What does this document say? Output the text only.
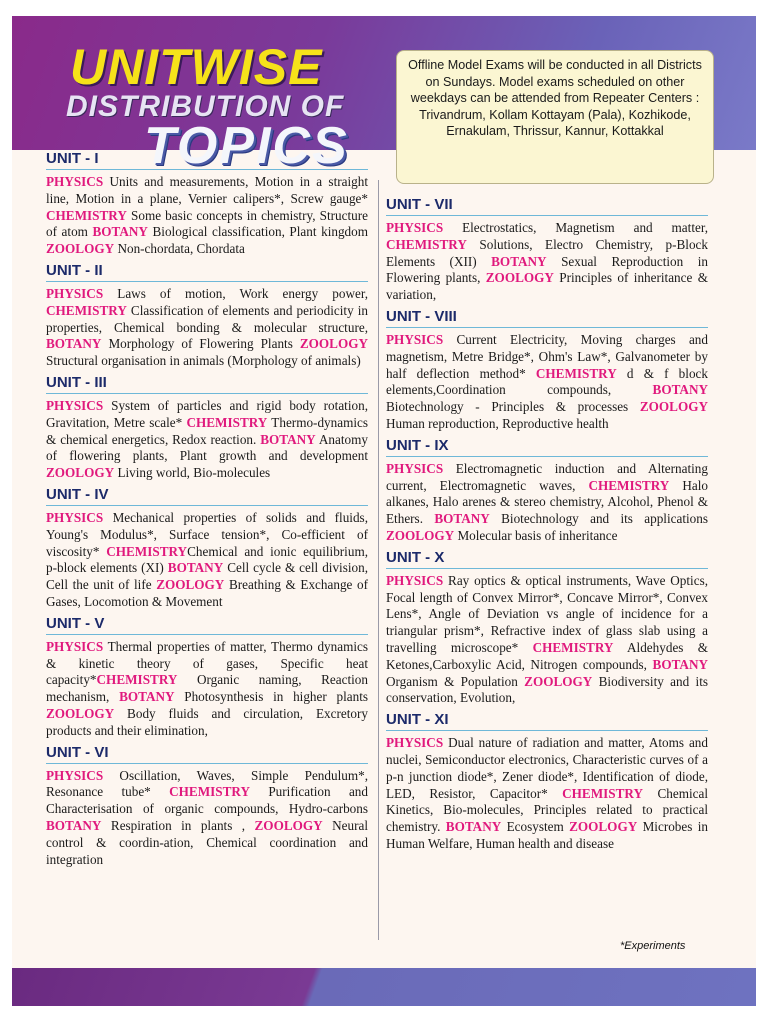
UNITWISE
DISTRIBUTION OF
TOPICS
Offline Model Exams will be conducted in all Districts on Sundays. Model exams scheduled on other weekdays can be attended from Repeater Centers : Trivandrum, Kollam Kottayam (Pala), Kozhikode, Ernakulam, Thrissur, Kannur, Kottakkal
UNIT - I
PHYSICS Units and measurements, Motion in a straight line, Motion in a plane, Vernier calipers*, Screw gauge* CHEMISTRY Some basic concepts in chemistry, Structure of atom BOTANY Biological classification, Plant kingdom ZOOLOGY Non-chordata, Chordata
UNIT - II
PHYSICS Laws of motion, Work energy power, CHEMISTRY Classification of elements and periodicity in properties, Chemical bonding & molecular structure, BOTANY Morphology of Flowering Plants ZOOLOGY Structural organisation in animals (Morphology of animals)
UNIT - III
PHYSICS System of particles and rigid body rotation, Gravitation, Metre scale* CHEMISTRY Thermo-dynamics & chemical energetics, Redox reaction. BOTANY Anatomy of flowering plants, Plant growth and development ZOOLOGY Living world, Bio-molecules
UNIT - IV
PHYSICS Mechanical properties of solids and fluids, Young's Modulus*, Surface tension*, Co-efficient of viscosity* CHEMISTRYChemical and ionic equilibrium, p-block elements (XI) BOTANY Cell cycle & cell division, Cell the unit of life ZOOLOGY Breathing & Exchange of Gases, Locomotion & Movement
UNIT - V
PHYSICS Thermal properties of matter, Thermo dynamics & kinetic theory of gases, Specific heat capacity*CHEMISTRY Organic naming, Reaction mechanism, BOTANY Photosynthesis in higher plants ZOOLOGY Body fluids and circulation, Excretory products and their elimination,
UNIT - VI
PHYSICS Oscillation, Waves, Simple Pendulum*, Resonance tube* CHEMISTRY Purification and Characterisation of organic compounds, Hydro-carbons BOTANY Respiration in plants , ZOOLOGY Neural control & coordin-ation, Chemical coordination and integration
UNIT - VII
PHYSICS Electrostatics, Magnetism and matter, CHEMISTRY Solutions, Electro Chemistry, p-Block Elements (XII) BOTANY Sexual Reproduction in Flowering plants, ZOOLOGY Principles of inheritance & variation,
UNIT - VIII
PHYSICS Current Electricity, Moving charges and magnetism, Metre Bridge*, Ohm's Law*, Galvanometer by half deflection method* CHEMISTRY d & f block elements,Coordination compounds, BOTANY Biotechnology - Principles & processes ZOOLOGY Human reproduction, Reproductive health
UNIT - IX
PHYSICS Electromagnetic induction and Alternating current, Electromagnetic waves, CHEMISTRY Halo alkanes, Halo arenes & stereo chemistry, Alcohol, Phenol & Ethers. BOTANY Biotechnology and its applications ZOOLOGY Molecular basis of inheritance
UNIT - X
PHYSICS Ray optics & optical instruments, Wave Optics, Focal length of Convex Mirror*, Concave Mirror*, Convex Lens*, Angle of Deviation vs angle of incidence for a triangular prism*, Refractive index of glass slab using a travelling microscope* CHEMISTRY Aldehydes & Ketones,Carboxylic Acid, Nitrogen compounds, BOTANY Organism & Population ZOOLOGY Biodiversity and its conservation, Evolution,
UNIT - XI
PHYSICS Dual nature of radiation and matter, Atoms and nuclei, Semiconductor electronics, Characteristic curves of a p-n junction diode*, Zener diode*, Identification of diode, LED, Resistor, Capacitor* CHEMISTRY Chemical Kinetics, Bio-molecules, Principles related to practical chemistry. BOTANY Ecosystem ZOOLOGY Microbes in Human Welfare, Human health and disease
*Experiments
